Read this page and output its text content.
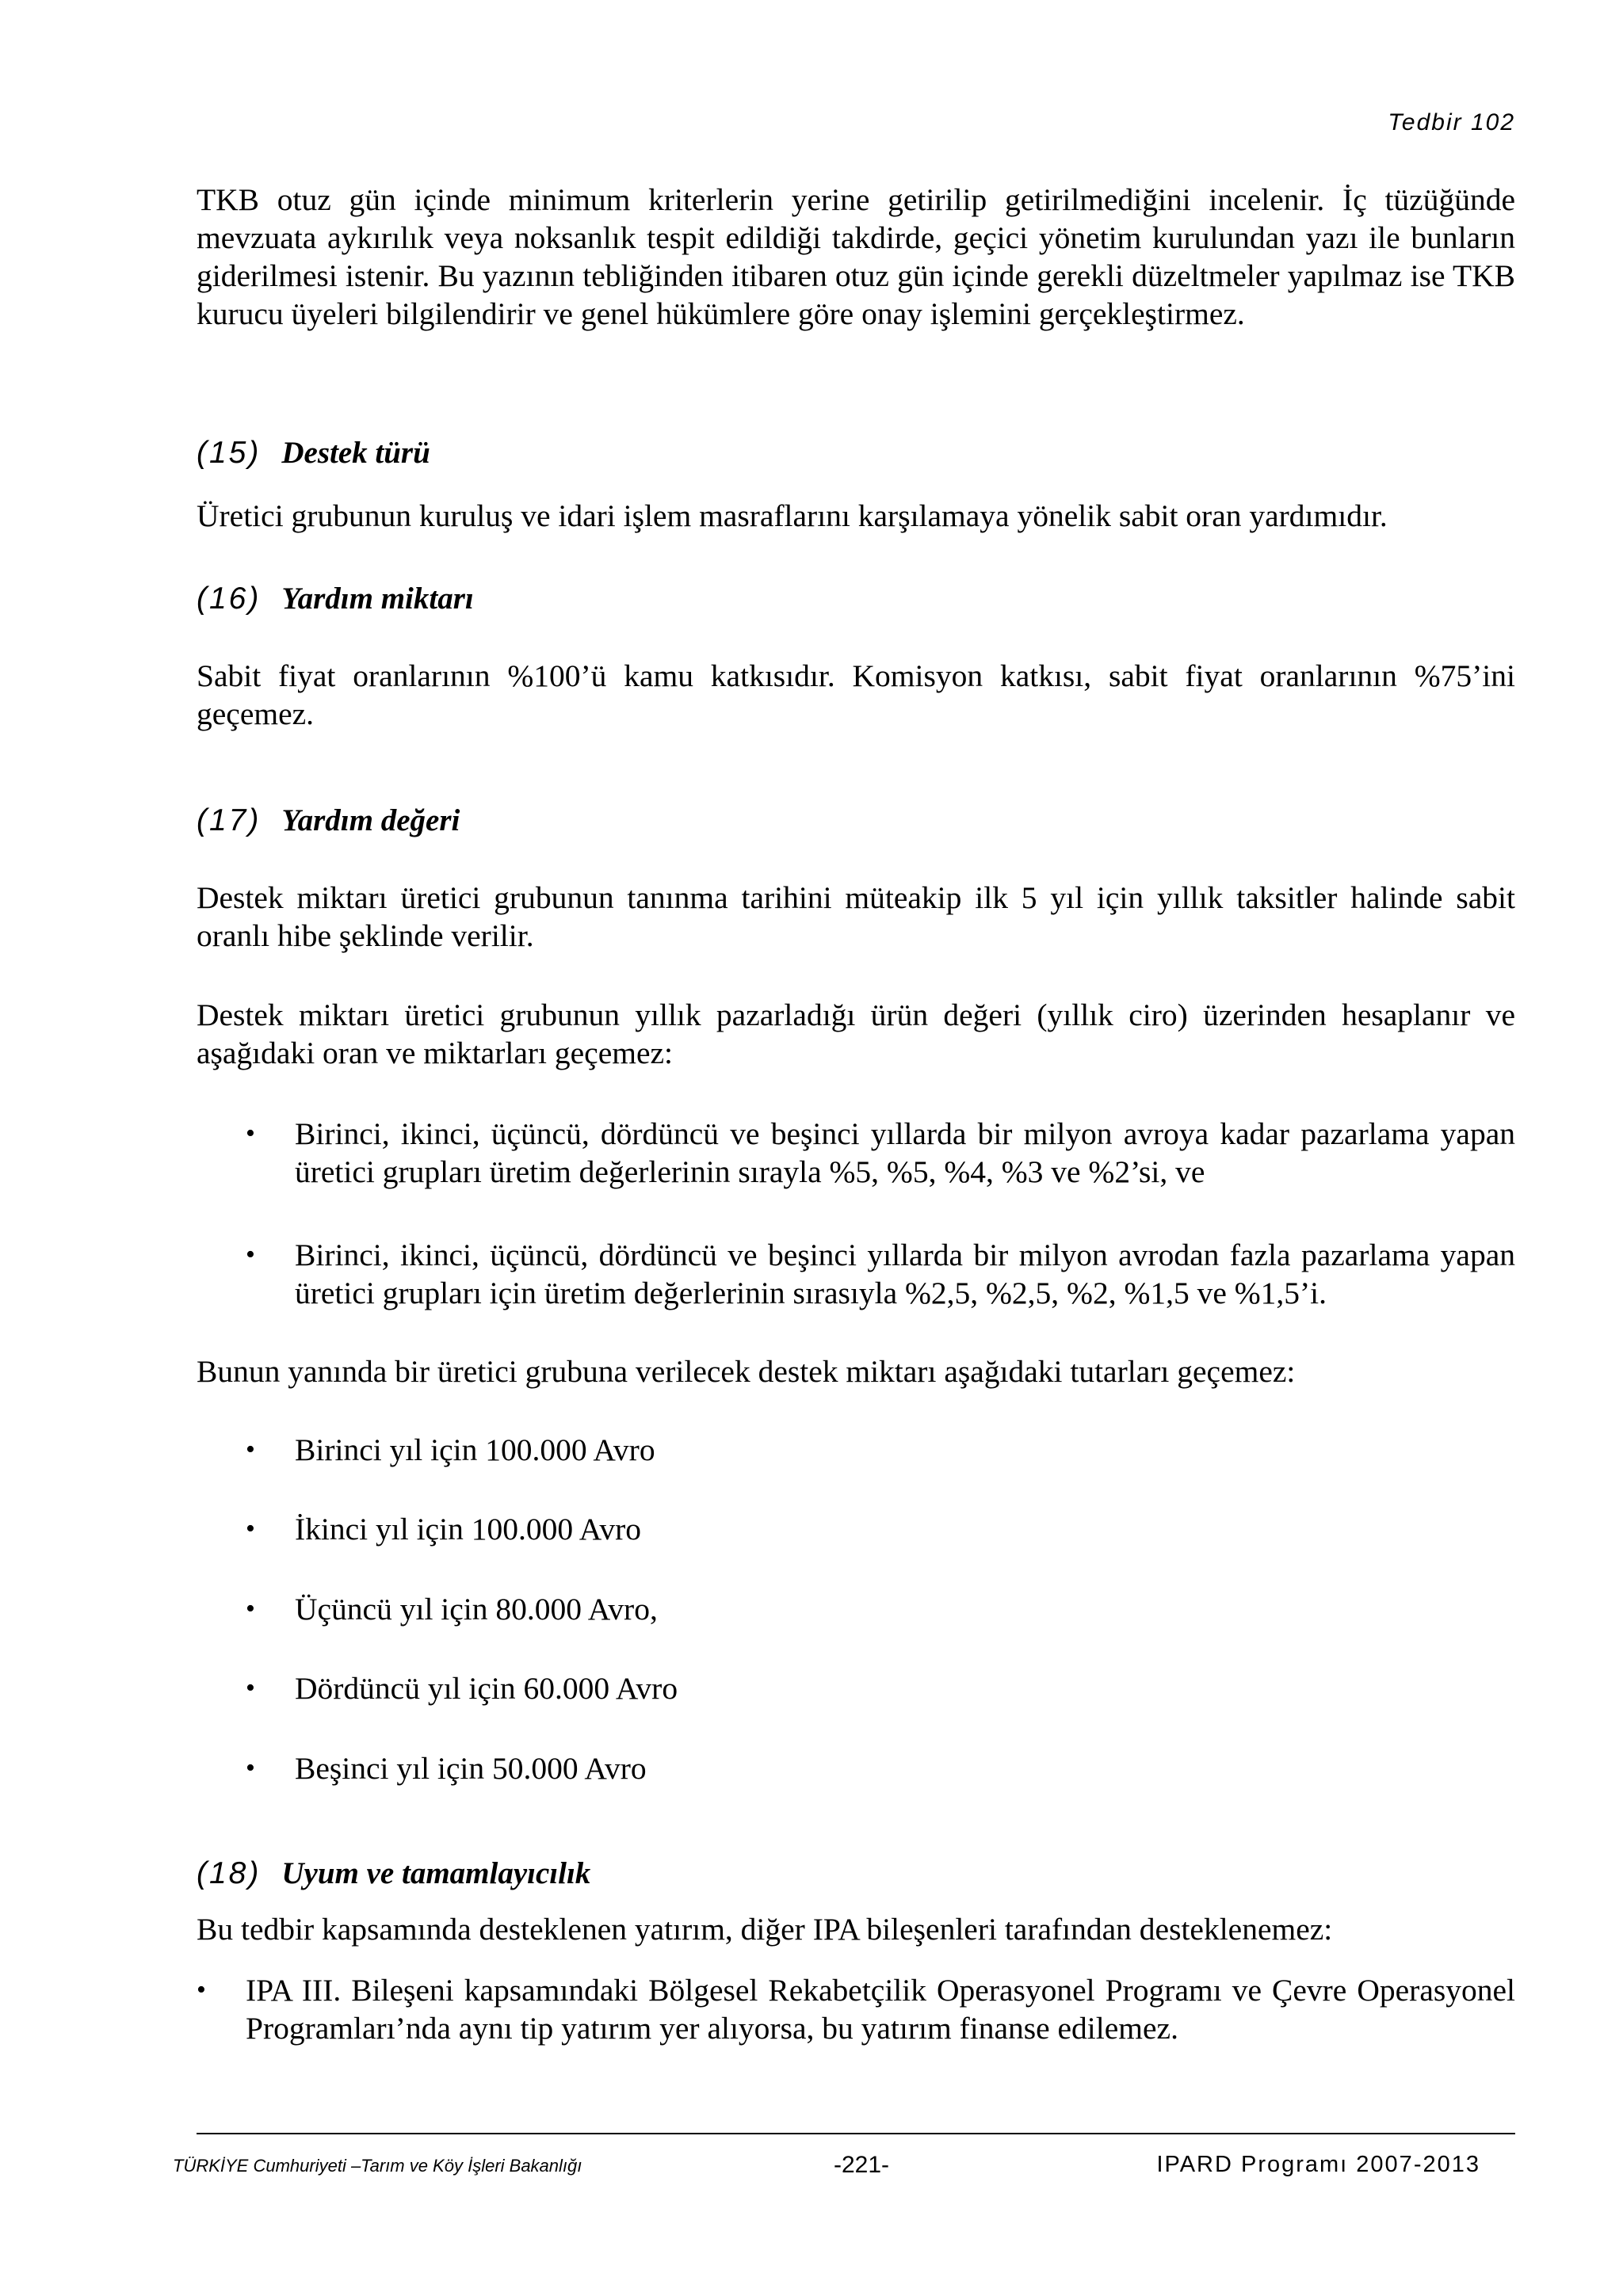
Tedbir 102

TKB otuz gün içinde minimum kriterlerin yerine getirilip getirilmediğini incelenir. İç tüzüğünde mevzuata aykırılık veya noksanlık tespit edildiği takdirde, geçici yönetim kurulundan yazı ile bunların giderilmesi istenir. Bu yazının tebliğinden itibaren otuz gün içinde gerekli düzeltmeler yapılmaz ise TKB kurucu üyeleri bilgilendirir ve genel hükümlere göre onay işlemini gerçekleştirmez.

(15) Destek türü

Üretici grubunun kuruluş ve idari işlem masraflarını karşılamaya yönelik sabit oran yardımıdır.

(16) Yardım miktarı

Sabit fiyat oranlarının %100’ü kamu katkısıdır. Komisyon katkısı, sabit fiyat oranlarının %75’ini geçemez.

(17) Yardım değeri

Destek miktarı üretici grubunun tanınma tarihini müteakip ilk 5 yıl için yıllık taksitler halinde sabit oranlı hibe şeklinde verilir.

Destek miktarı üretici grubunun yıllık pazarladığı ürün değeri (yıllık ciro) üzerinden hesaplanır ve aşağıdaki oran ve miktarları geçemez:

• Birinci, ikinci, üçüncü, dördüncü ve beşinci yıllarda bir milyon avroya kadar pazarlama yapan üretici grupları üretim değerlerinin sırayla %5, %5, %4, %3 ve %2’si, ve
• Birinci, ikinci, üçüncü, dördüncü ve beşinci yıllarda bir milyon avrodan fazla pazarlama yapan üretici grupları için üretim değerlerinin sırasıyla %2,5, %2,5, %2, %1,5 ve %1,5’i.

Bunun yanında bir üretici grubuna verilecek destek miktarı aşağıdaki tutarları geçemez:

• Birinci yıl için 100.000 Avro
• İkinci yıl için 100.000 Avro
• Üçüncü yıl için 80.000 Avro,
• Dördüncü yıl için 60.000 Avro
• Beşinci yıl için 50.000 Avro
(18) Uyum ve tamamlayıcılık

Bu tedbir kapsamında desteklenen yatırım, diğer IPA bileşenleri tarafından desteklenemez:

• IPA III. Bileşeni kapsamındaki Bölgesel Rekabetçilik Operasyonel Programı ve Çevre Operasyonel Programları’nda aynı tip yatırım yer alıyorsa, bu yatırım finanse edilemez.
TÜRKİYE Cumhuriyeti –Tarım ve Köy İşleri Bakanlığı	-221-	IPARD Programı 2007-2013
